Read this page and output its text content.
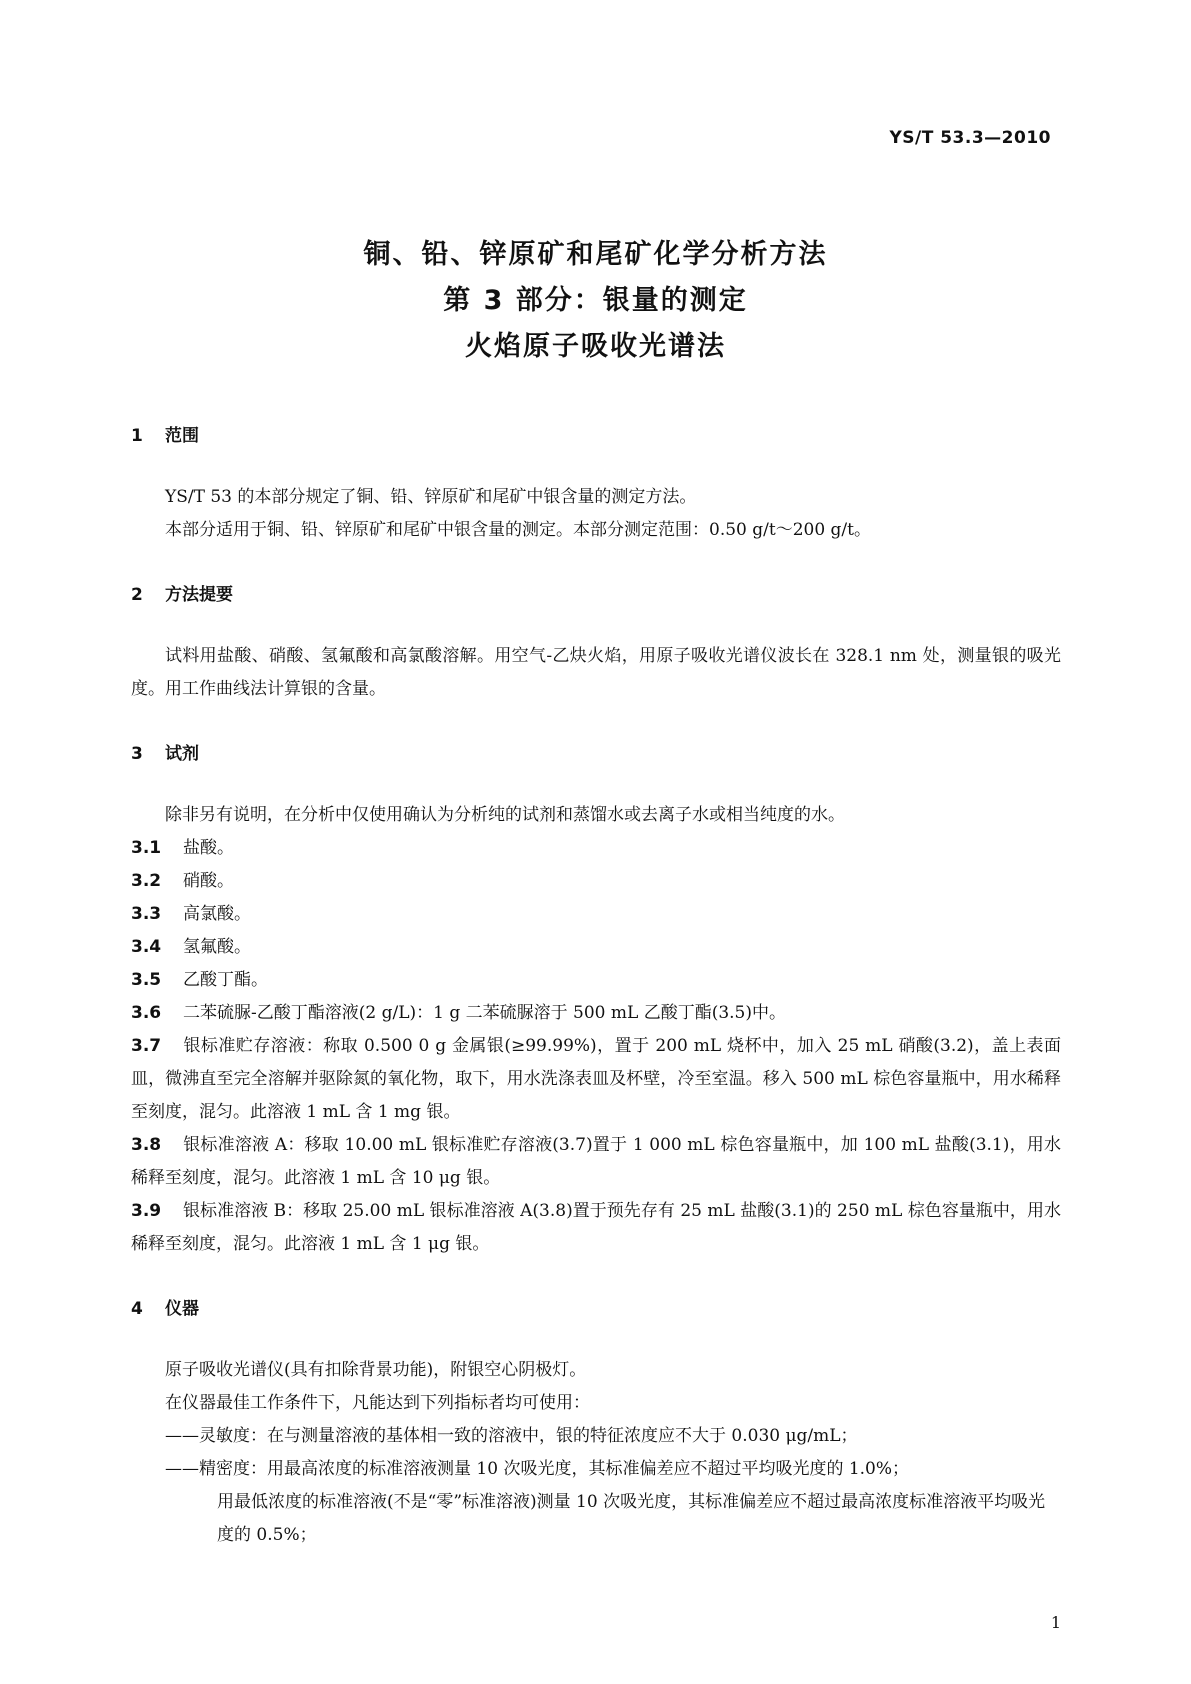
YS/T 53.3—2010
铜、铅、锌原矿和尾矿化学分析方法
第 3 部分：银量的测定
火焰原子吸收光谱法
1 范围

YS/T 53 的本部分规定了铜、铅、锌原矿和尾矿中银含量的测定方法。

本部分适用于铜、铅、锌原矿和尾矿中银含量的测定。本部分测定范围：0.50 g/t～200 g/t。

2 方法提要

试料用盐酸、硝酸、氢氟酸和高氯酸溶解。用空气-乙炔火焰，用原子吸收光谱仪波长在 328.1 nm 处，测量银的吸光度。用工作曲线法计算银的含量。

3 试剂

除非另有说明，在分析中仅使用确认为分析纯的试剂和蒸馏水或去离子水或相当纯度的水。

3.1 盐酸。

3.2 硝酸。

3.3 高氯酸。

3.4 氢氟酸。

3.5 乙酸丁酯。

3.6 二苯硫脲-乙酸丁酯溶液(2 g/L)：1 g 二苯硫脲溶于 500 mL 乙酸丁酯(3.5)中。

3.7 银标准贮存溶液：称取 0.500 0 g 金属银(≥99.99%)，置于 200 mL 烧杯中，加入 25 mL 硝酸(3.2)，盖上表面皿，微沸直至完全溶解并驱除氮的氧化物，取下，用水洗涤表皿及杯壁，冷至室温。移入 500 mL 棕色容量瓶中，用水稀释至刻度，混匀。此溶液 1 mL 含 1 mg 银。

3.8 银标准溶液 A：移取 10.00 mL 银标准贮存溶液(3.7)置于 1 000 mL 棕色容量瓶中，加 100 mL 盐酸(3.1)，用水稀释至刻度，混匀。此溶液 1 mL 含 10 μg 银。

3.9 银标准溶液 B：移取 25.00 mL 银标准溶液 A(3.8)置于预先存有 25 mL 盐酸(3.1)的 250 mL 棕色容量瓶中，用水稀释至刻度，混匀。此溶液 1 mL 含 1 μg 银。

4 仪器

原子吸收光谱仪(具有扣除背景功能)，附银空心阴极灯。

在仪器最佳工作条件下，凡能达到下列指标者均可使用：

——灵敏度：在与测量溶液的基体相一致的溶液中，银的特征浓度应不大于 0.030 μg/mL；

——精密度：用最高浓度的标准溶液测量 10 次吸光度，其标准偏差应不超过平均吸光度的 1.0%；

用最低浓度的标准溶液(不是“零”标准溶液)测量 10 次吸光度，其标准偏差应不超过最高浓度标准溶液平均吸光度的 0.5%；

1
